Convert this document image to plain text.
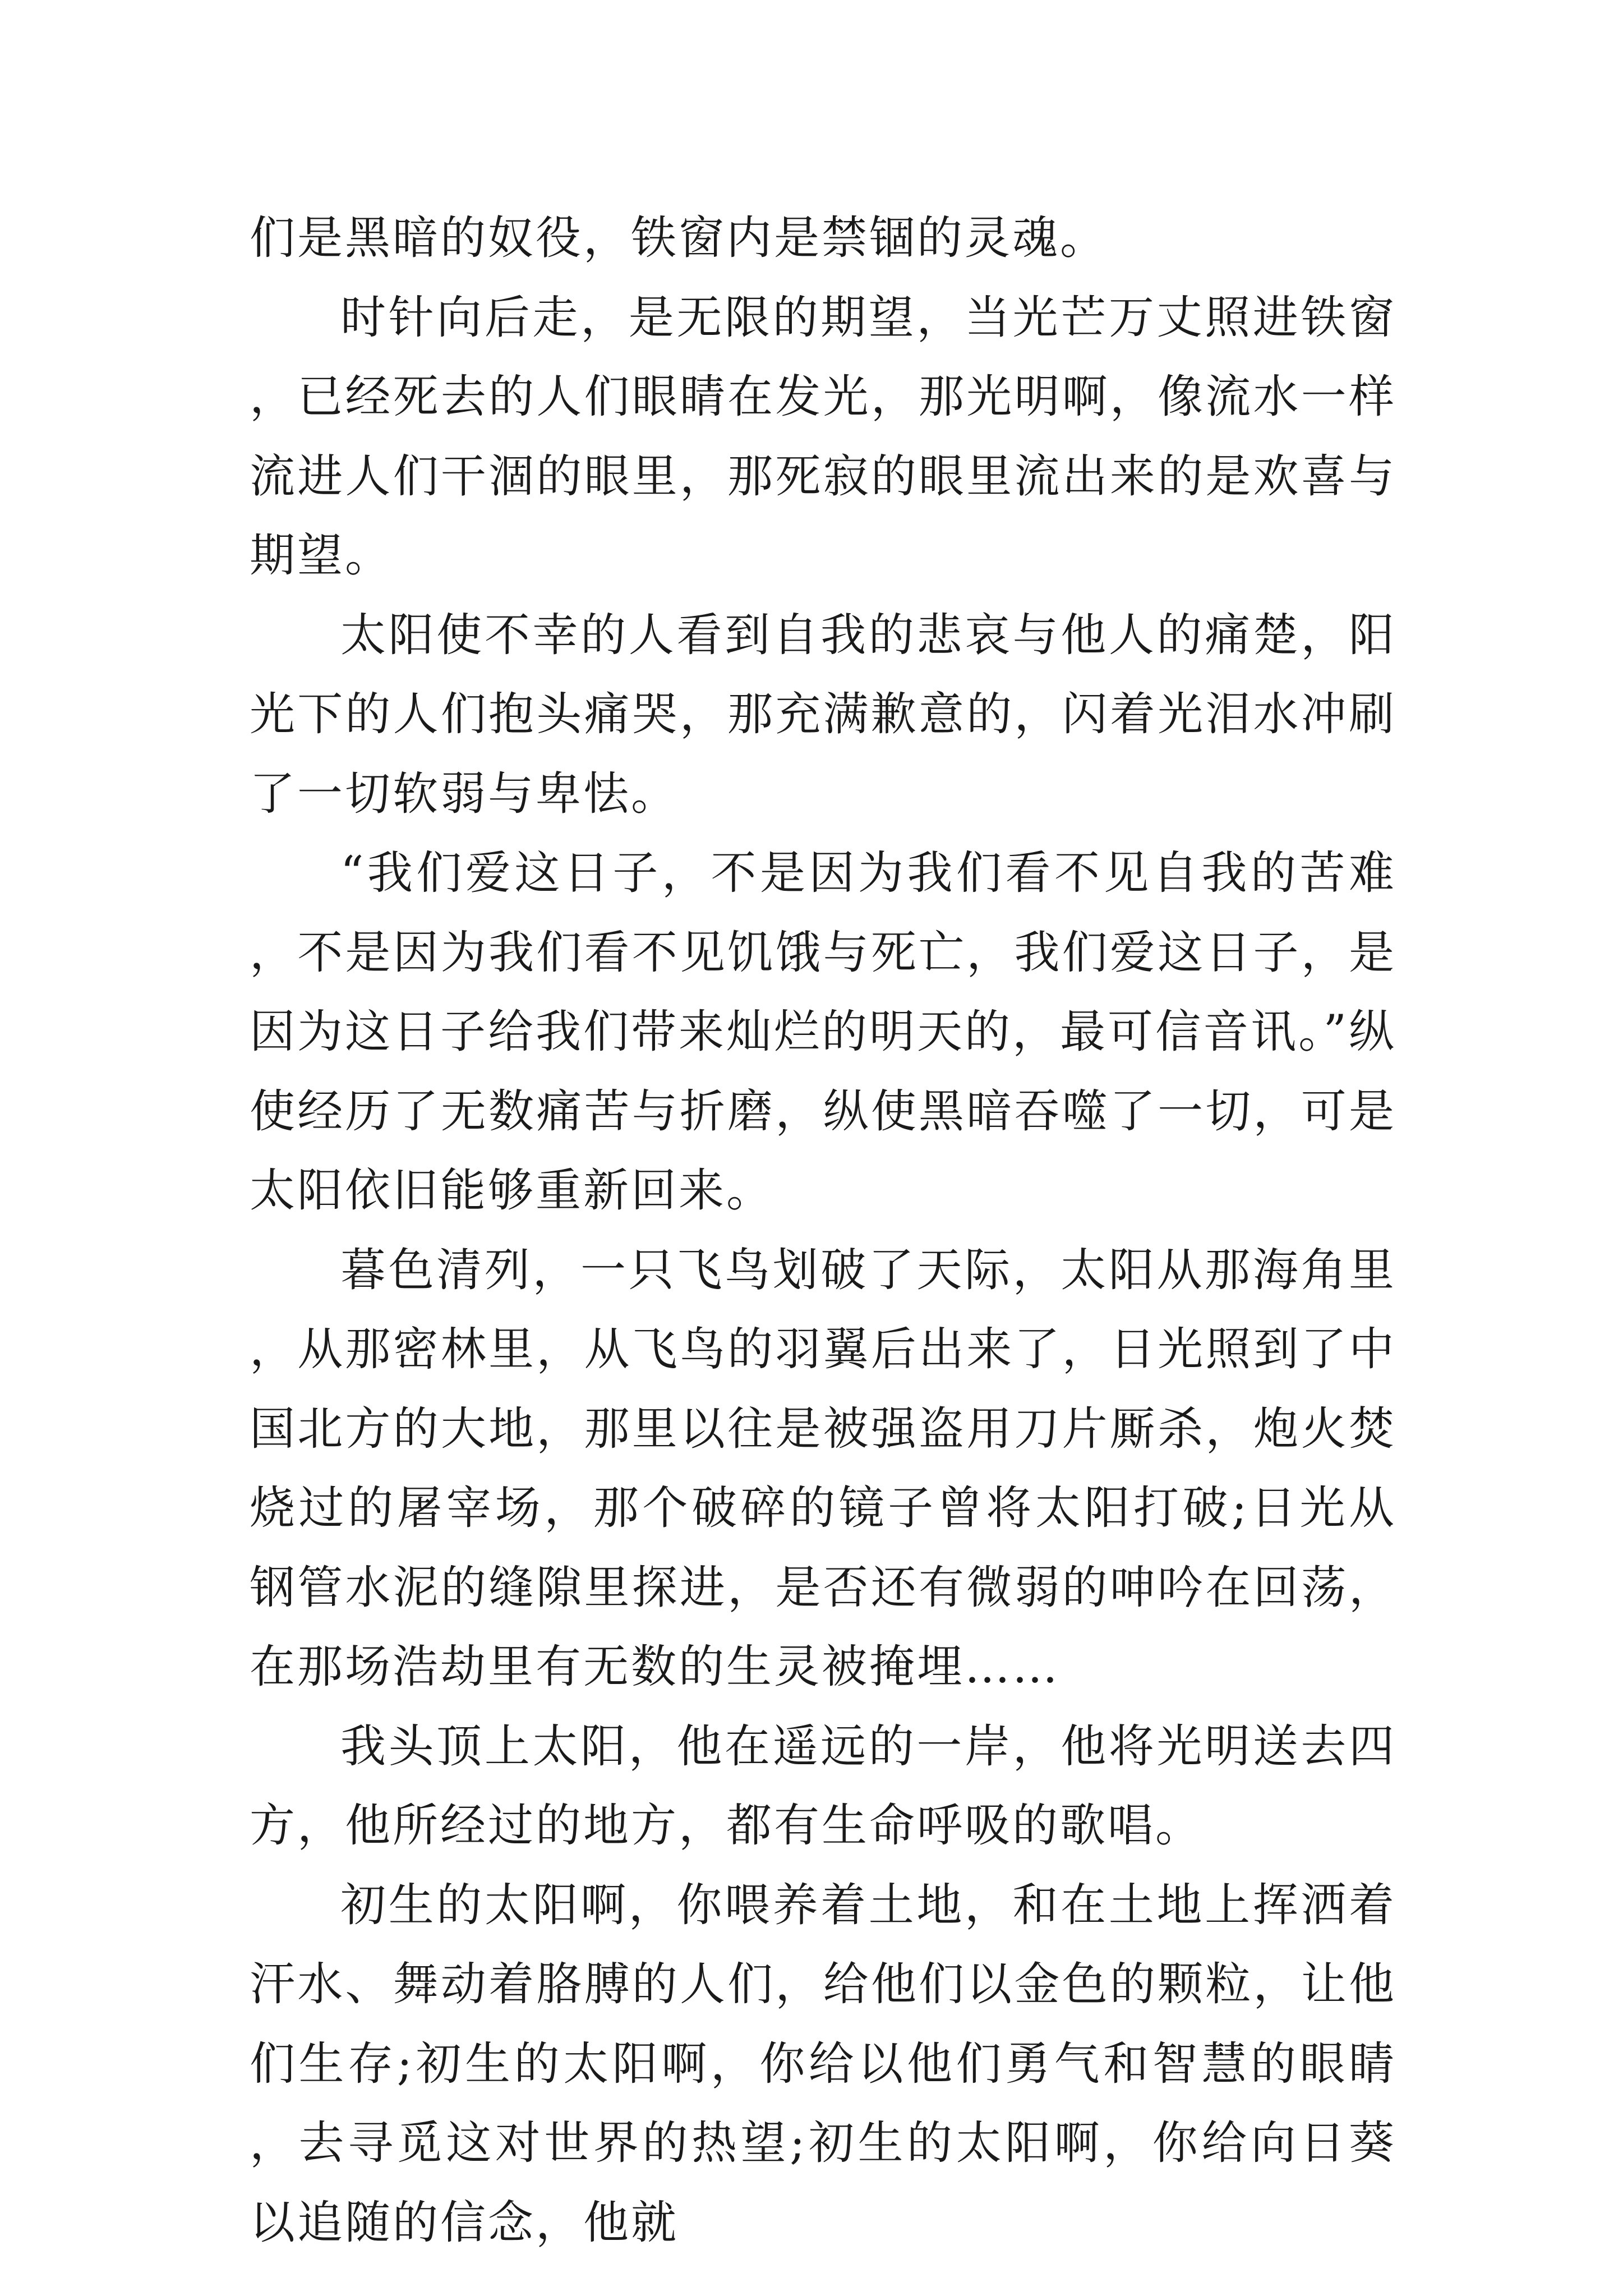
们是黑暗的奴役，铁窗内是禁锢的灵魂。

时针向后走，是无限的期望，当光芒万丈照进铁窗，已经死去的人们眼睛在发光，那光明啊，像流水一样流进人们干涸的眼里，那死寂的眼里流出来的是欢喜与期望。

太阳使不幸的人看到自我的悲哀与他人的痛楚，阳光下的人们抱头痛哭，那充满歉意的，闪着光泪水冲刷了一切软弱与卑怯。

“我们爱这日子，不是因为我们看不见自我的苦难，不是因为我们看不见饥饿与死亡，我们爱这日子，是因为这日子给我们带来灿烂的明天的，最可信音讯。”纵使经历了无数痛苦与折磨，纵使黑暗吞噬了一切，可是太阳依旧能够重新回来。

暮色清列，一只飞鸟划破了天际，太阳从那海角里，从那密林里，从飞鸟的羽翼后出来了，日光照到了中国北方的大地，那里以往是被强盗用刀片厮杀，炮火焚烧过的屠宰场，那个破碎的镜子曾将太阳打破;日光从钢管水泥的缝隙里探进，是否还有微弱的呻吟在回荡，在那场浩劫里有无数的生灵被掩埋……

我头顶上太阳，他在遥远的一岸，他将光明送去四方，他所经过的地方，都有生命呼吸的歌唱。

初生的太阳啊，你喂养着土地，和在土地上挥洒着汗水、舞动着胳膊的人们，给他们以金色的颗粒，让他们生存;初生的太阳啊，你给以他们勇气和智慧的眼睛，去寻觅这对世界的热望;初生的太阳啊，你给向日葵以追随的信念，他就
